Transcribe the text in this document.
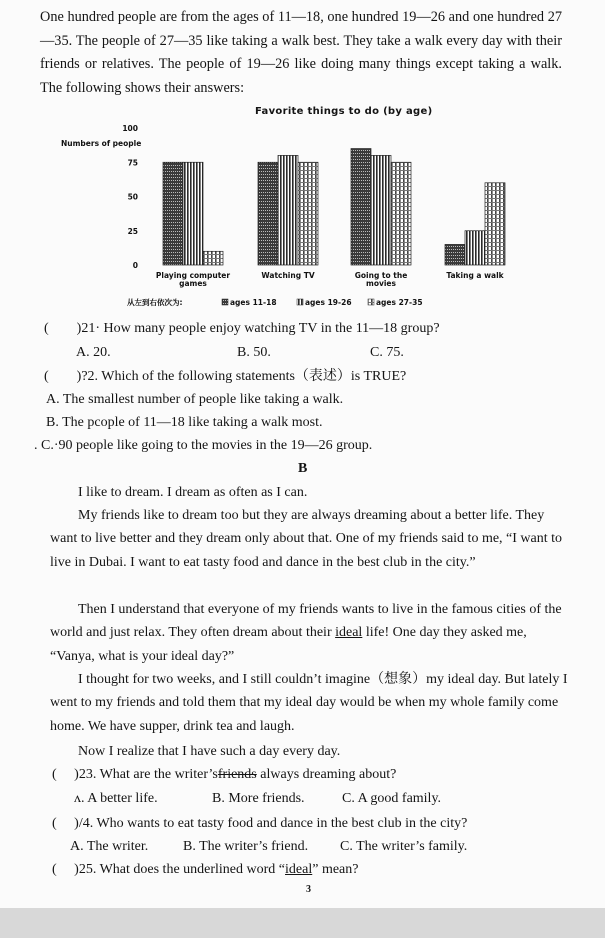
One hundred people are from the ages of 11—18, one hundred 19—26 and one hundred 27—35. The people of 27—35 like taking a walk best. They take a walk every day with their friends or relatives. The people of 19—26 like doing many things except taking a walk. The following shows their answers:

Favorite things to do (by age)
Numbers of people
0
25
50
75
100
Playing computer
games
Watching TV	Going to the
movies
Taking a walk
从左到右依次为:	ages 11-18	ages 19-26	ages 27-35
(  )21· How many people enjoy watching TV in the 11—18 group?
A. 20.	B. 50.	C. 75.
(  )?2. Which of the following statements（表述）is TRUE?
A. The smallest number of people like taking a walk.
B. The pcople of 11—18 like taking a walk most.
. C.·90 people like going to the movies in the 19—26 group.
B

I like to dream. I dream as often as I can.

My friends like to dream too but they are always dreaming about a better life. They want to live better and they dream only about that. One of my friends said to me, “I want to live in Dubai. I want to eat tasty food and dance in the best club in the city.”

Then I understand that everyone of my friends wants to live in the famous cities of the world and just relax. They often dream about their ideal life! One day they asked me, “Vanya, what is your ideal day?”

I thought for two weeks, and I still couldn’t imagine（想象）my ideal day. But lately I went to my friends and told them that my ideal day would be when my whole family come home. We have supper, drink tea and laugh.

Now I realize that I have such a day every day.

(  )23. What are the writer’sfriends always dreaming about?
ʌ. A better life.	B. More friends.	C. A good family.
(  )/4. Who wants to eat tasty food and dance in the best club in the city?
A. The writer. B. The writer’s friend. C. The writer’s family.
(  )25. What does the underlined word “ideal” mean?
3
